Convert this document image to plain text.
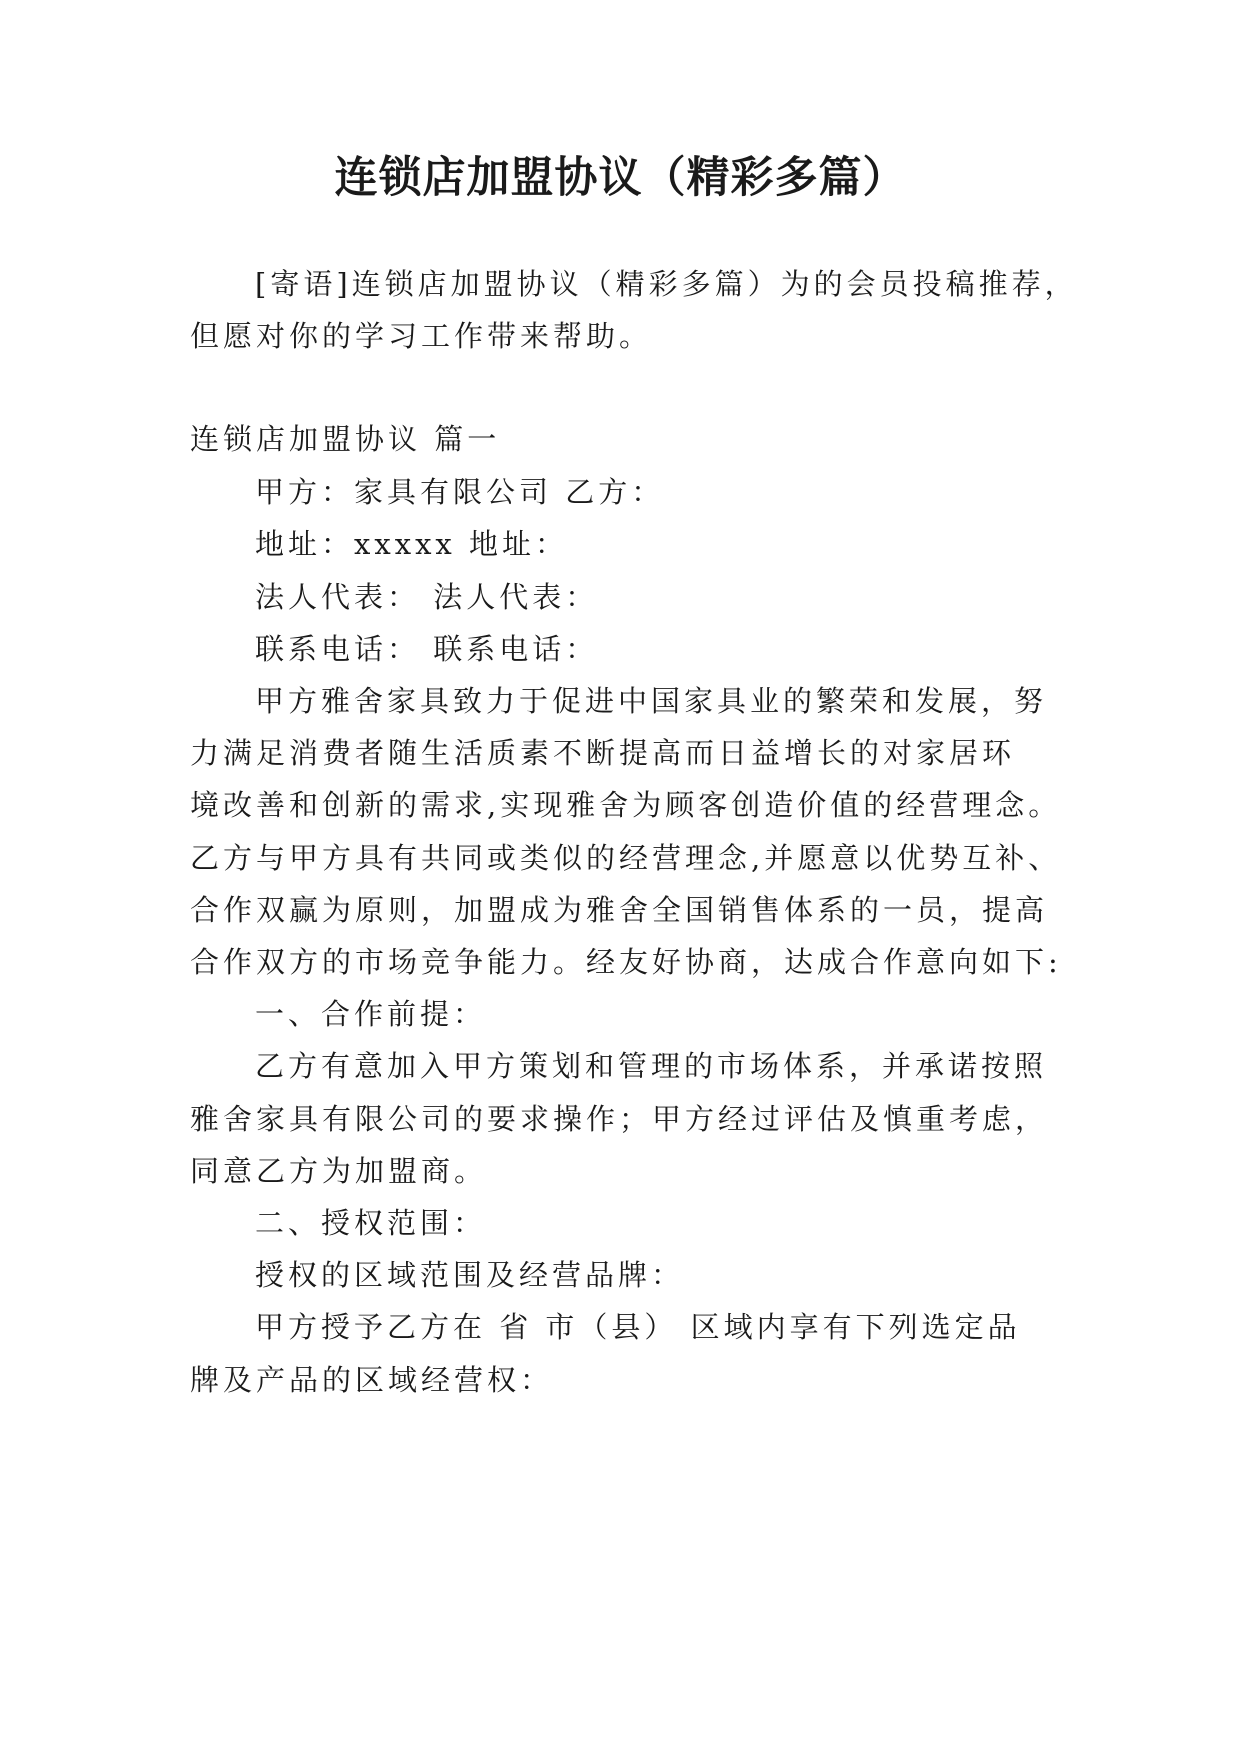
连锁店加盟协议（精彩多篇）

[寄语]连锁店加盟协议（精彩多篇）为的会员投稿推荐，

但愿对你的学习工作带来帮助。

连锁店加盟协议 篇一

甲方：家具有限公司 乙方：

地址：xxxxx 地址：

法人代表： 法人代表：

联系电话： 联系电话：

甲方雅舍家具致力于促进中国家具业的繁荣和发展，努

力满足消费者随生活质素不断提高而日益增长的对家居环

境改善和创新的需求,实现雅舍为顾客创造价值的经营理念。

乙方与甲方具有共同或类似的经营理念,并愿意以优势互补、

合作双赢为原则，加盟成为雅舍全国销售体系的一员，提高

合作双方的市场竞争能力。经友好协商，达成合作意向如下:

一、合作前提：

乙方有意加入甲方策划和管理的市场体系，并承诺按照

雅舍家具有限公司的要求操作；甲方经过评估及慎重考虑，

同意乙方为加盟商。

二、授权范围：

授权的区域范围及经营品牌：

甲方授予乙方在 省 市（县） 区域内享有下列选定品

牌及产品的区域经营权：
